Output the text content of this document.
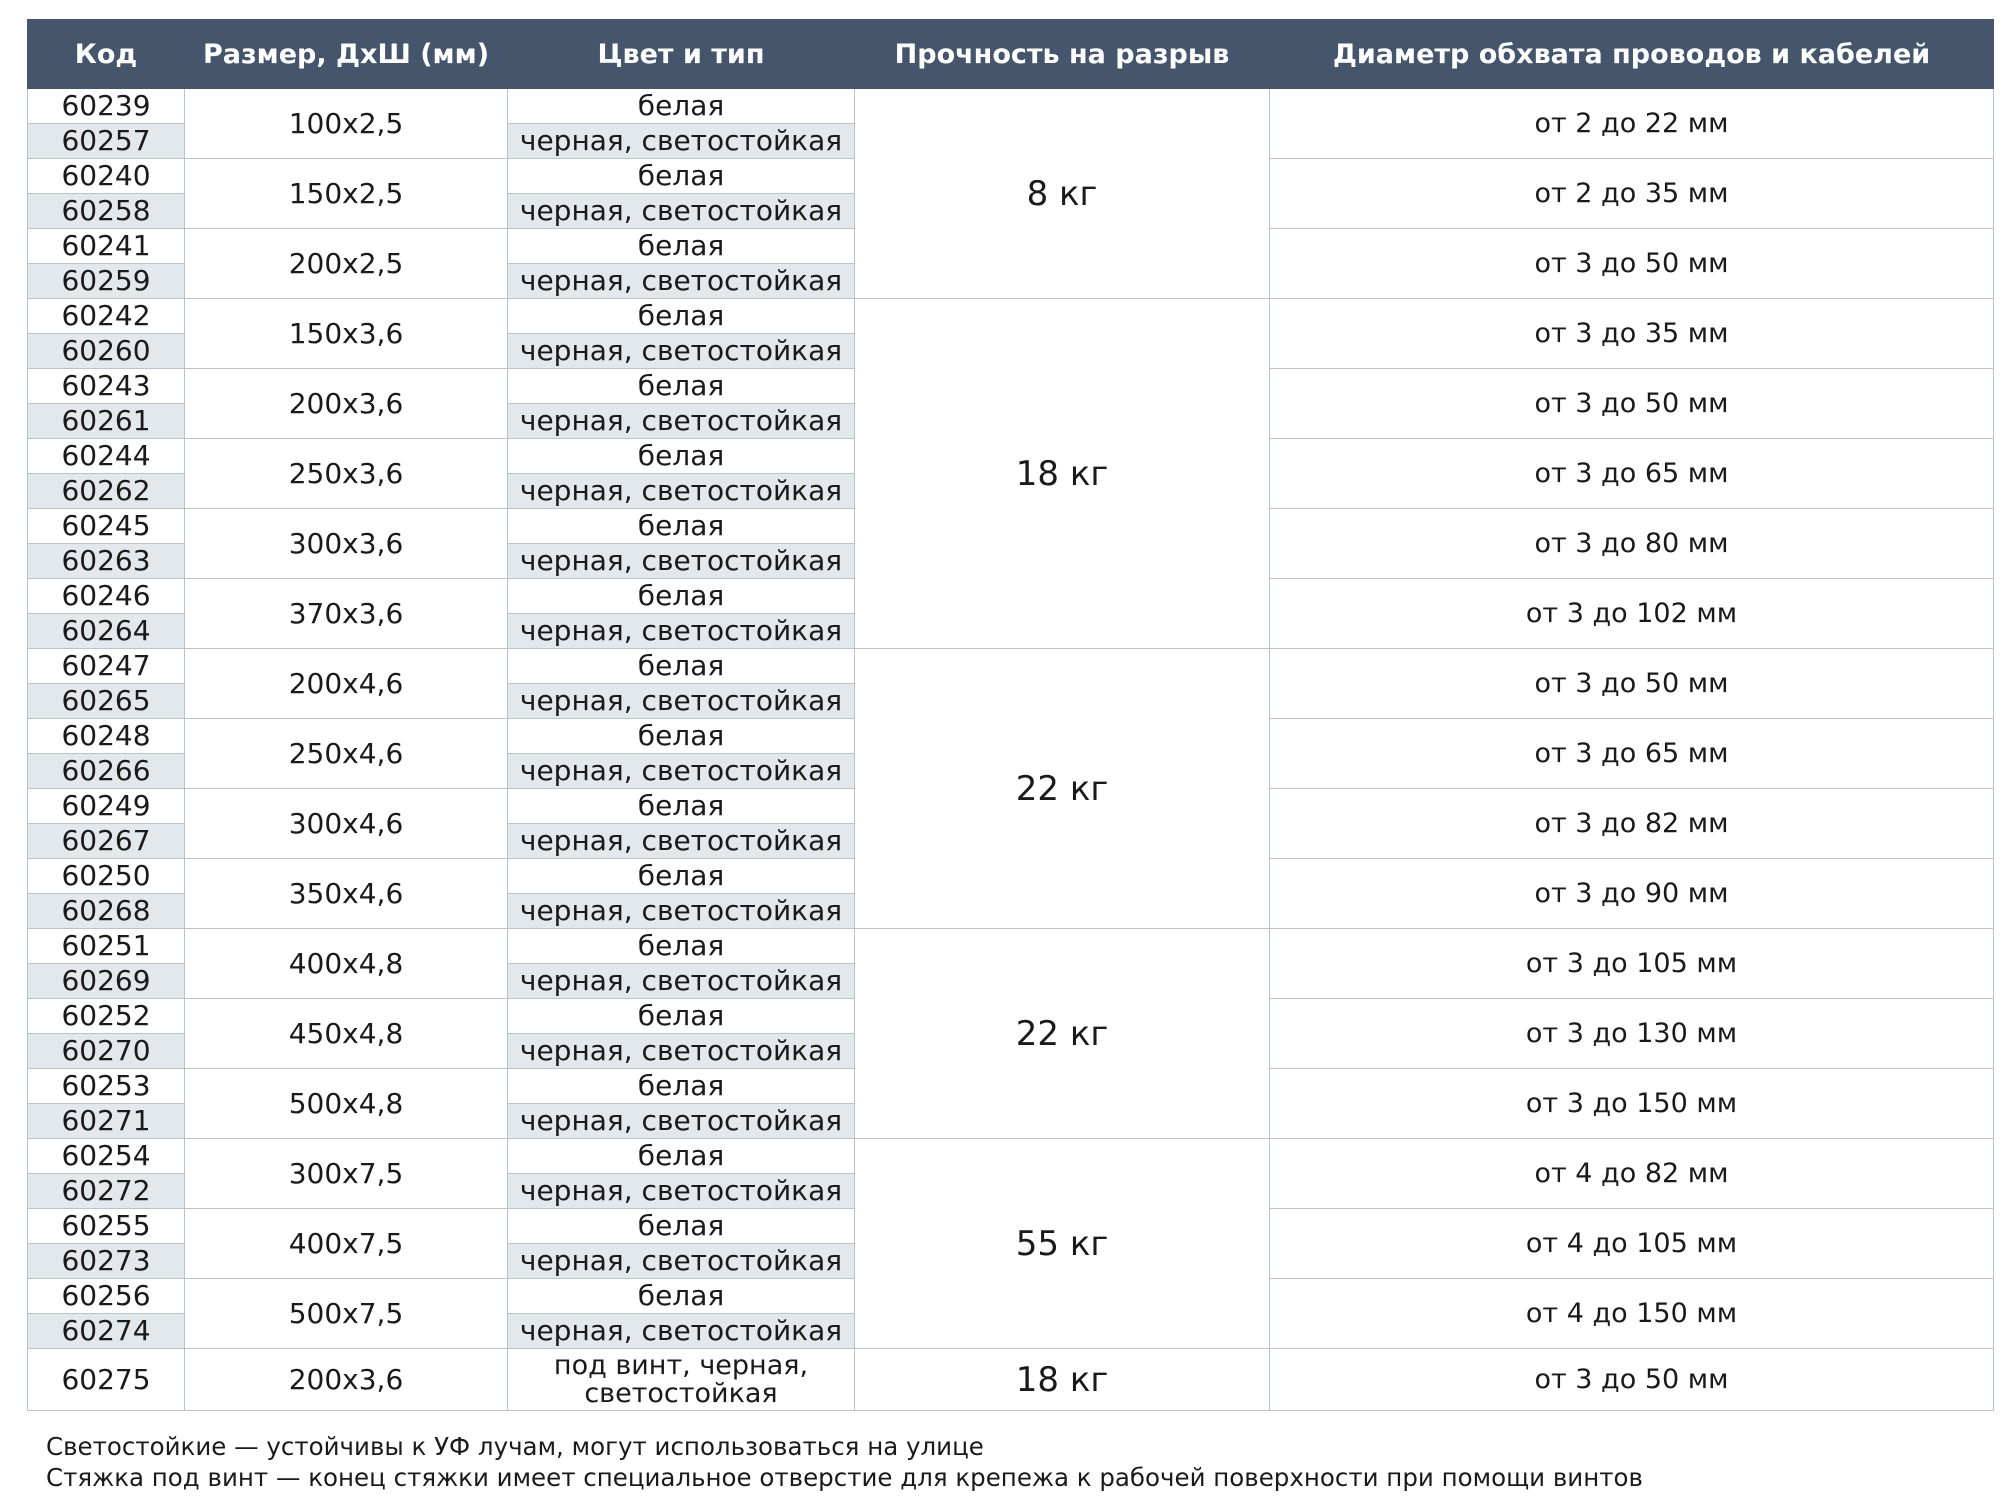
Код	Размер, ДxШ (мм)	Цвет и тип	Прочность на разрыв	Диаметр обхвата проводов и кабелей
60239	100x2,5	белая	8 кг	от 2 до 22 мм
60257		черная, светостойкая		
60240	150x2,5	белая		от 2 до 35 мм
60258		черная, светостойкая		
60241	200x2,5	белая		от 3 до 50 мм
60259		черная, светостойкая		
60242	150x3,6	белая	18 кг	от 3 до 35 мм
60260		черная, светостойкая		
60243	200x3,6	белая		от 3 до 50 мм
60261		черная, светостойкая		
60244	250x3,6	белая		от 3 до 65 мм
60262		черная, светостойкая		
60245	300x3,6	белая		от 3 до 80 мм
60263		черная, светостойкая		
60246	370x3,6	белая		от 3 до 102 мм
60264		черная, светостойкая		
60247	200x4,6	белая	22 кг	от 3 до 50 мм
60265		черная, светостойкая		
60248	250x4,6	белая		от 3 до 65 мм
60266		черная, светостойкая		
60249	300x4,6	белая		от 3 до 82 мм
60267		черная, светостойкая		
60250	350x4,6	белая		от 3 до 90 мм
60268		черная, светостойкая		
60251	400x4,8	белая	22 кг	от 3 до 105 мм
60269		черная, светостойкая		
60252	450x4,8	белая		от 3 до 130 мм
60270		черная, светостойкая		
60253	500x4,8	белая		от 3 до 150 мм
60271		черная, светостойкая		
60254	300x7,5	белая	55 кг	от 4 до 82 мм
60272		черная, светостойкая		
60255	400x7,5	белая		от 4 до 105 мм
60273		черная, светостойкая		
60256	500x7,5	белая		от 4 до 150 мм
60274		черная, светостойкая		
60275	200x3,6	под винт, черная, светостойкая	18 кг	от 3 до 50 мм
Светостойкие — устойчивы к УФ лучам, могут использоваться на улице
Стяжка под винт — конец стяжки имеет специальное отверстие для крепежа к рабочей поверхности при помощи винтов
